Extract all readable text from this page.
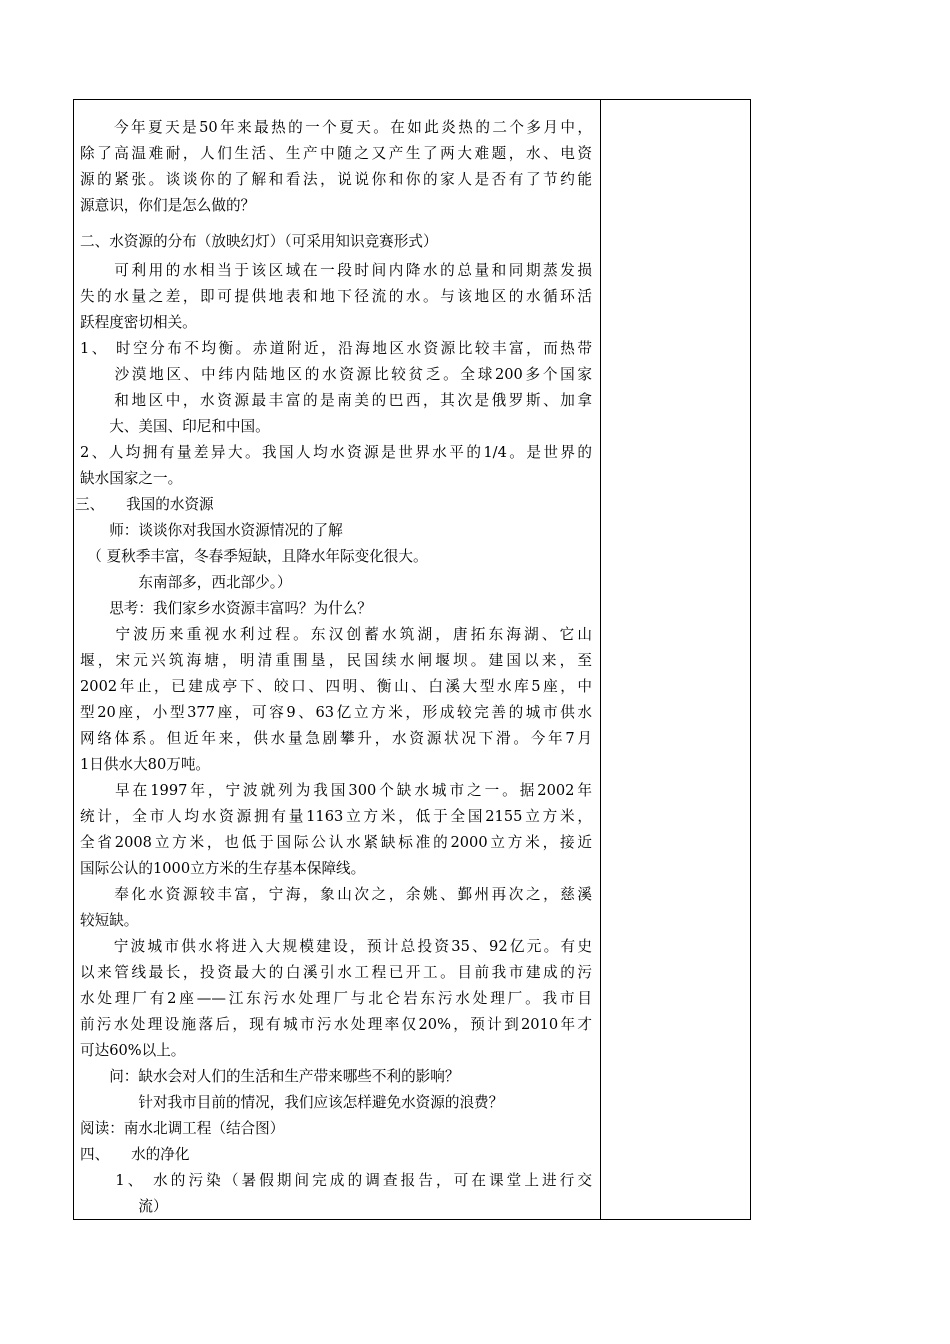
　　今年夏天是50年来最热的一个夏天。在如此炎热的二个多月中，
除了高温难耐，人们生活、生产中随之又产生了两大难题，水、电资
源的紧张。谈谈你的了解和看法，说说你和你的家人是否有了节约能
源意识，你们是怎么做的？
二、水资源的分布（放映幻灯）（可采用知识竞赛形式）
　　可利用的水相当于该区域在一段时间内降水的总量和同期蒸发损
失的水量之差，即可提供地表和地下径流的水。与该地区的水循环活
跃程度密切相关。
1、 时空分布不均衡。赤道附近，沿海地区水资源比较丰富，而热带
　　沙漠地区、中纬内陆地区的水资源比较贫乏。全球200多个国家
　　和地区中，水资源最丰富的是南美的巴西，其次是俄罗斯、加拿
　　大、美国、印尼和中国。
2、人均拥有量差异大。我国人均水资源是世界水平的1/4。是世界的
缺水国家之一。
三、　　我国的水资源
　　师：谈谈你对我国水资源情况的了解
　（ 夏秋季丰富，冬春季短缺，且降水年际变化很大。
　　　　东南部多，西北部少。）
　　思考：我们家乡水资源丰富吗？为什么？
　　宁波历来重视水利过程。东汉创蓄水筑湖，唐拓东海湖、它山
堰，宋元兴筑海塘，明清重围垦，民国续水闸堰坝。建国以来，至
2002年止，已建成亭下、皎口、四明、衡山、白溪大型水库5座，中
型20座，小型377座，可容9、63亿立方米，形成较完善的城市供水
网络体系。但近年来，供水量急剧攀升，水资源状况下滑。今年7月
1日供水大80万吨。
　　早在1997年，宁波就列为我国300个缺水城市之一。据2002年
统计，全市人均水资源拥有量1163立方米，低于全国2155立方米，
全省2008立方米，也低于国际公认水紧缺标准的2000立方米，接近
国际公认的1000立方米的生存基本保障线。
　　奉化水资源较丰富，宁海，象山次之，余姚、鄞州再次之，慈溪
较短缺。
　　宁波城市供水将进入大规模建设，预计总投资35、92亿元。有史
以来管线最长，投资最大的白溪引水工程已开工。目前我市建成的污
水处理厂有2座——江东污水处理厂与北仑岩东污水处理厂。我市目
前污水处理设施落后，现有城市污水处理率仅20%，预计到2010年才
可达60%以上。
　　问：缺水会对人们的生活和生产带来哪些不利的影响？
　　　　针对我市目前的情况，我们应该怎样避免水资源的浪费？
阅读：南水北调工程（结合图）
四、　　水的净化
　　1、 水的污染（暑假期间完成的调查报告，可在课堂上进行交
　　　　流）
